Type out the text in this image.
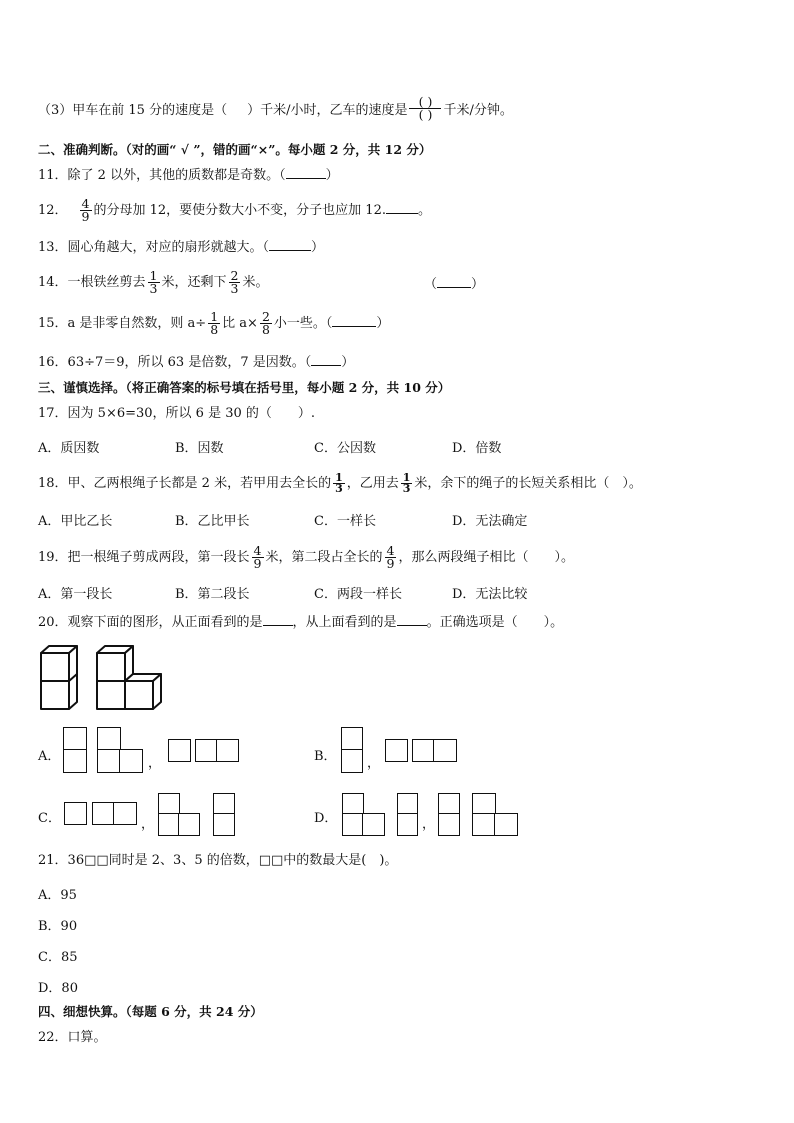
（3）甲车在前 15 分的速度是（ ）千米/小时，乙车的速度是 $\frac{( )}{( )}$ 千米/分钟。
二、准确判断。（对的画“ √ ”，错的画“×”。每小题 2 分，共 12 分）
11．除了 2 以外，其他的质数都是奇数。（	）
12． $\frac{4}{9}$ 的分母加 12，要使分数大小不变，分子也应加 12. 。
13．圆心角越大，对应的扇形就越大。（	）
14．一根铁丝剪去 $\frac{1}{3}$ 米，还剩下 $\frac{2}{3}$ 米。	（	）
15．a 是非零自然数，则 $a\div \frac{1}{8}$ 比 $a\times \frac{2}{8}$ 小一些。（	）
16．63÷7＝9，所以 63 是倍数，7 是因数。（ ）
三、谨慎选择。（将正确答案的标号填在括号里，每小题 2 分，共 10 分）
17．因为 5×6=30，所以 6 是 30 的（　　）.
A．质因数	B．因数	C．公因数	D．倍数
18．甲、乙两根绳子长都是 2 米，若甲用去全长的 $\frac{1}{3}$ ，乙用去 $\frac{1}{3}$ 米，余下的绳子的长短关系相比（　）。
A．甲比乙长	B．乙比甲长	C．一样长	D．无法确定
19．把一根绳子剪成两段，第一段长 $\frac{4}{9}$ 米，第二段占全长的 $\frac{4}{9}$ ，那么两段绳子相比（　　）。
A．第一段长	B．第二段长	C．两段一样长	D．无法比较
20．观察下面的图形，从正面看到的是 ，从上面看到的是 。正确选项是（　　）。
A．	，	B． ，
C．	，	D．	，
21．36□□同时是 2、3、5 的倍数，□□中的数最大是(　)。
A．95
B．90
C．85
D．80
四、细想快算。（每题 6 分，共 24 分）
22．口算。
